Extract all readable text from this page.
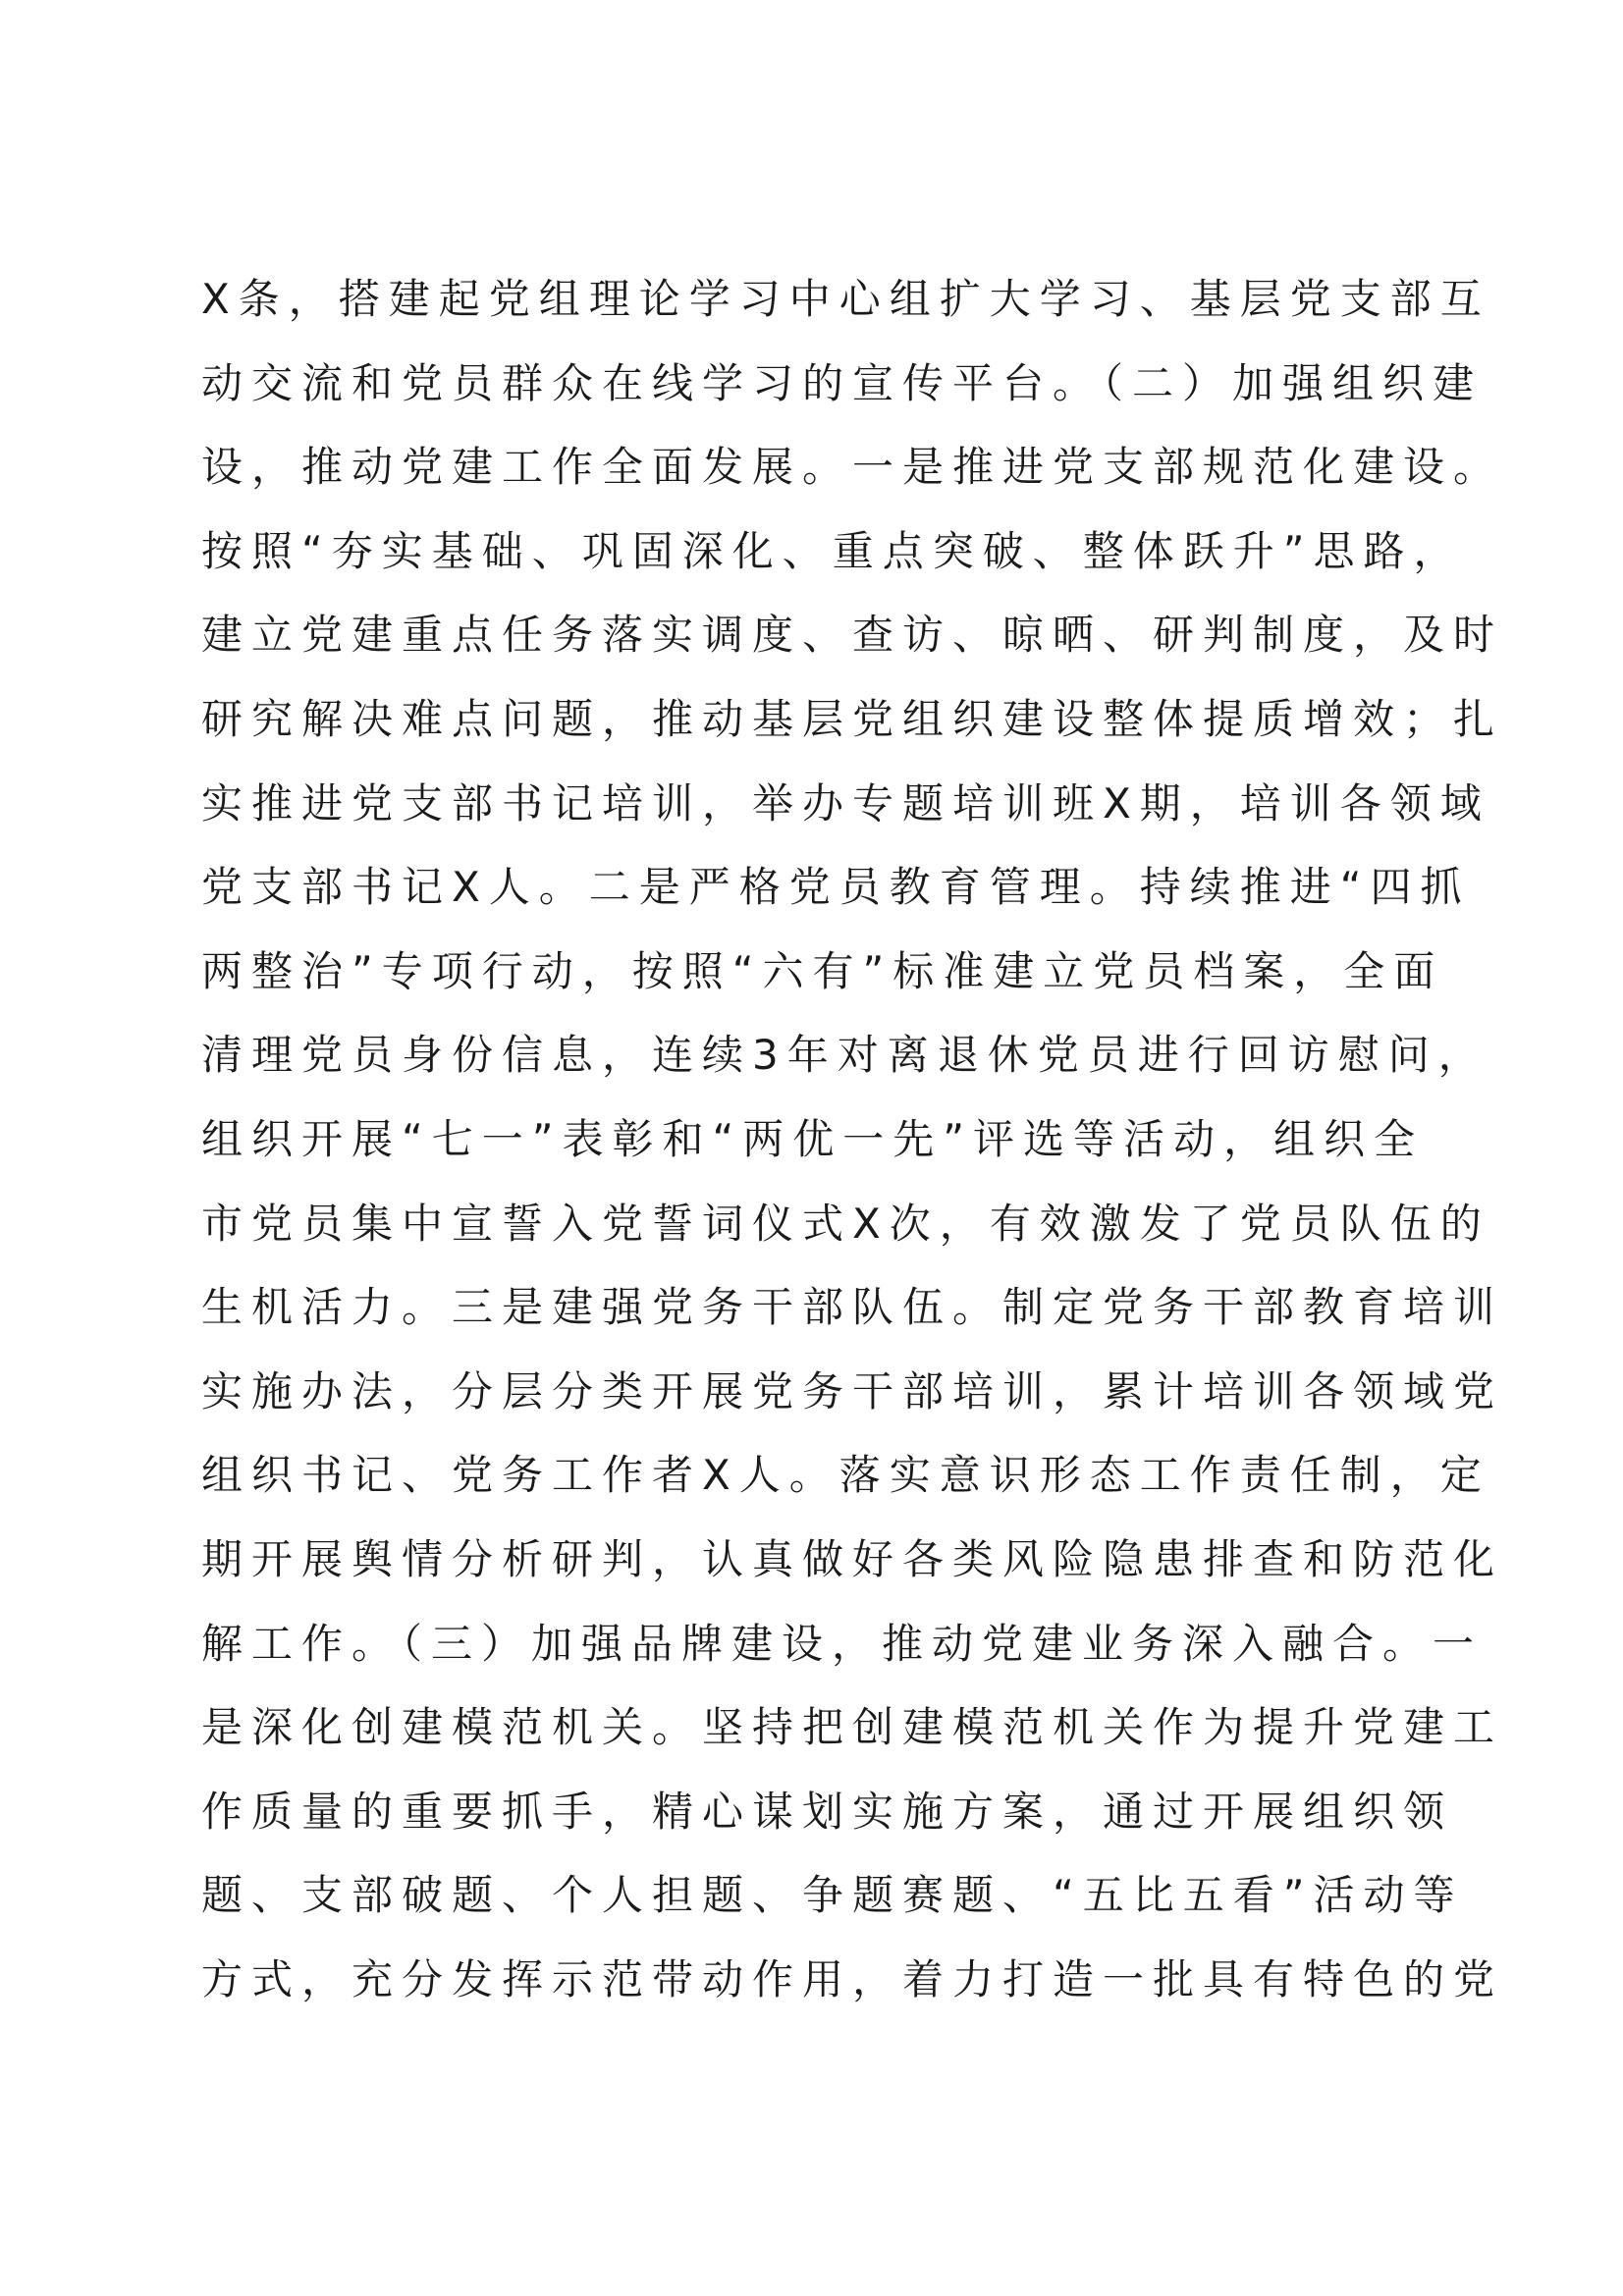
X条，搭建起党组理论学习中心组扩大学习、基层党支部互
动交流和党员群众在线学习的宣传平台。（二）加强组织建
设，推动党建工作全面发展。一是推进党支部规范化建设。
按照“夯实基础、巩固深化、重点突破、整体跃升”思路，
建立党建重点任务落实调度、查访、晾晒、研判制度，及时
研究解决难点问题，推动基层党组织建设整体提质增效；扎
实推进党支部书记培训，举办专题培训班X期，培训各领域
党支部书记X人。二是严格党员教育管理。持续推进“四抓
两整治”专项行动，按照“六有”标准建立党员档案，全面
清理党员身份信息，连续3年对离退休党员进行回访慰问，
组织开展“七一”表彰和“两优一先”评选等活动，组织全
市党员集中宣誓入党誓词仪式X次，有效激发了党员队伍的
生机活力。三是建强党务干部队伍。制定党务干部教育培训
实施办法，分层分类开展党务干部培训，累计培训各领域党
组织书记、党务工作者X人。落实意识形态工作责任制，定
期开展舆情分析研判，认真做好各类风险隐患排查和防范化
解工作。（三）加强品牌建设，推动党建业务深入融合。一
是深化创建模范机关。坚持把创建模范机关作为提升党建工
作质量的重要抓手，精心谋划实施方案，通过开展组织领
题、支部破题、个人担题、争题赛题、“五比五看”活动等
方式，充分发挥示范带动作用，着力打造一批具有特色的党
